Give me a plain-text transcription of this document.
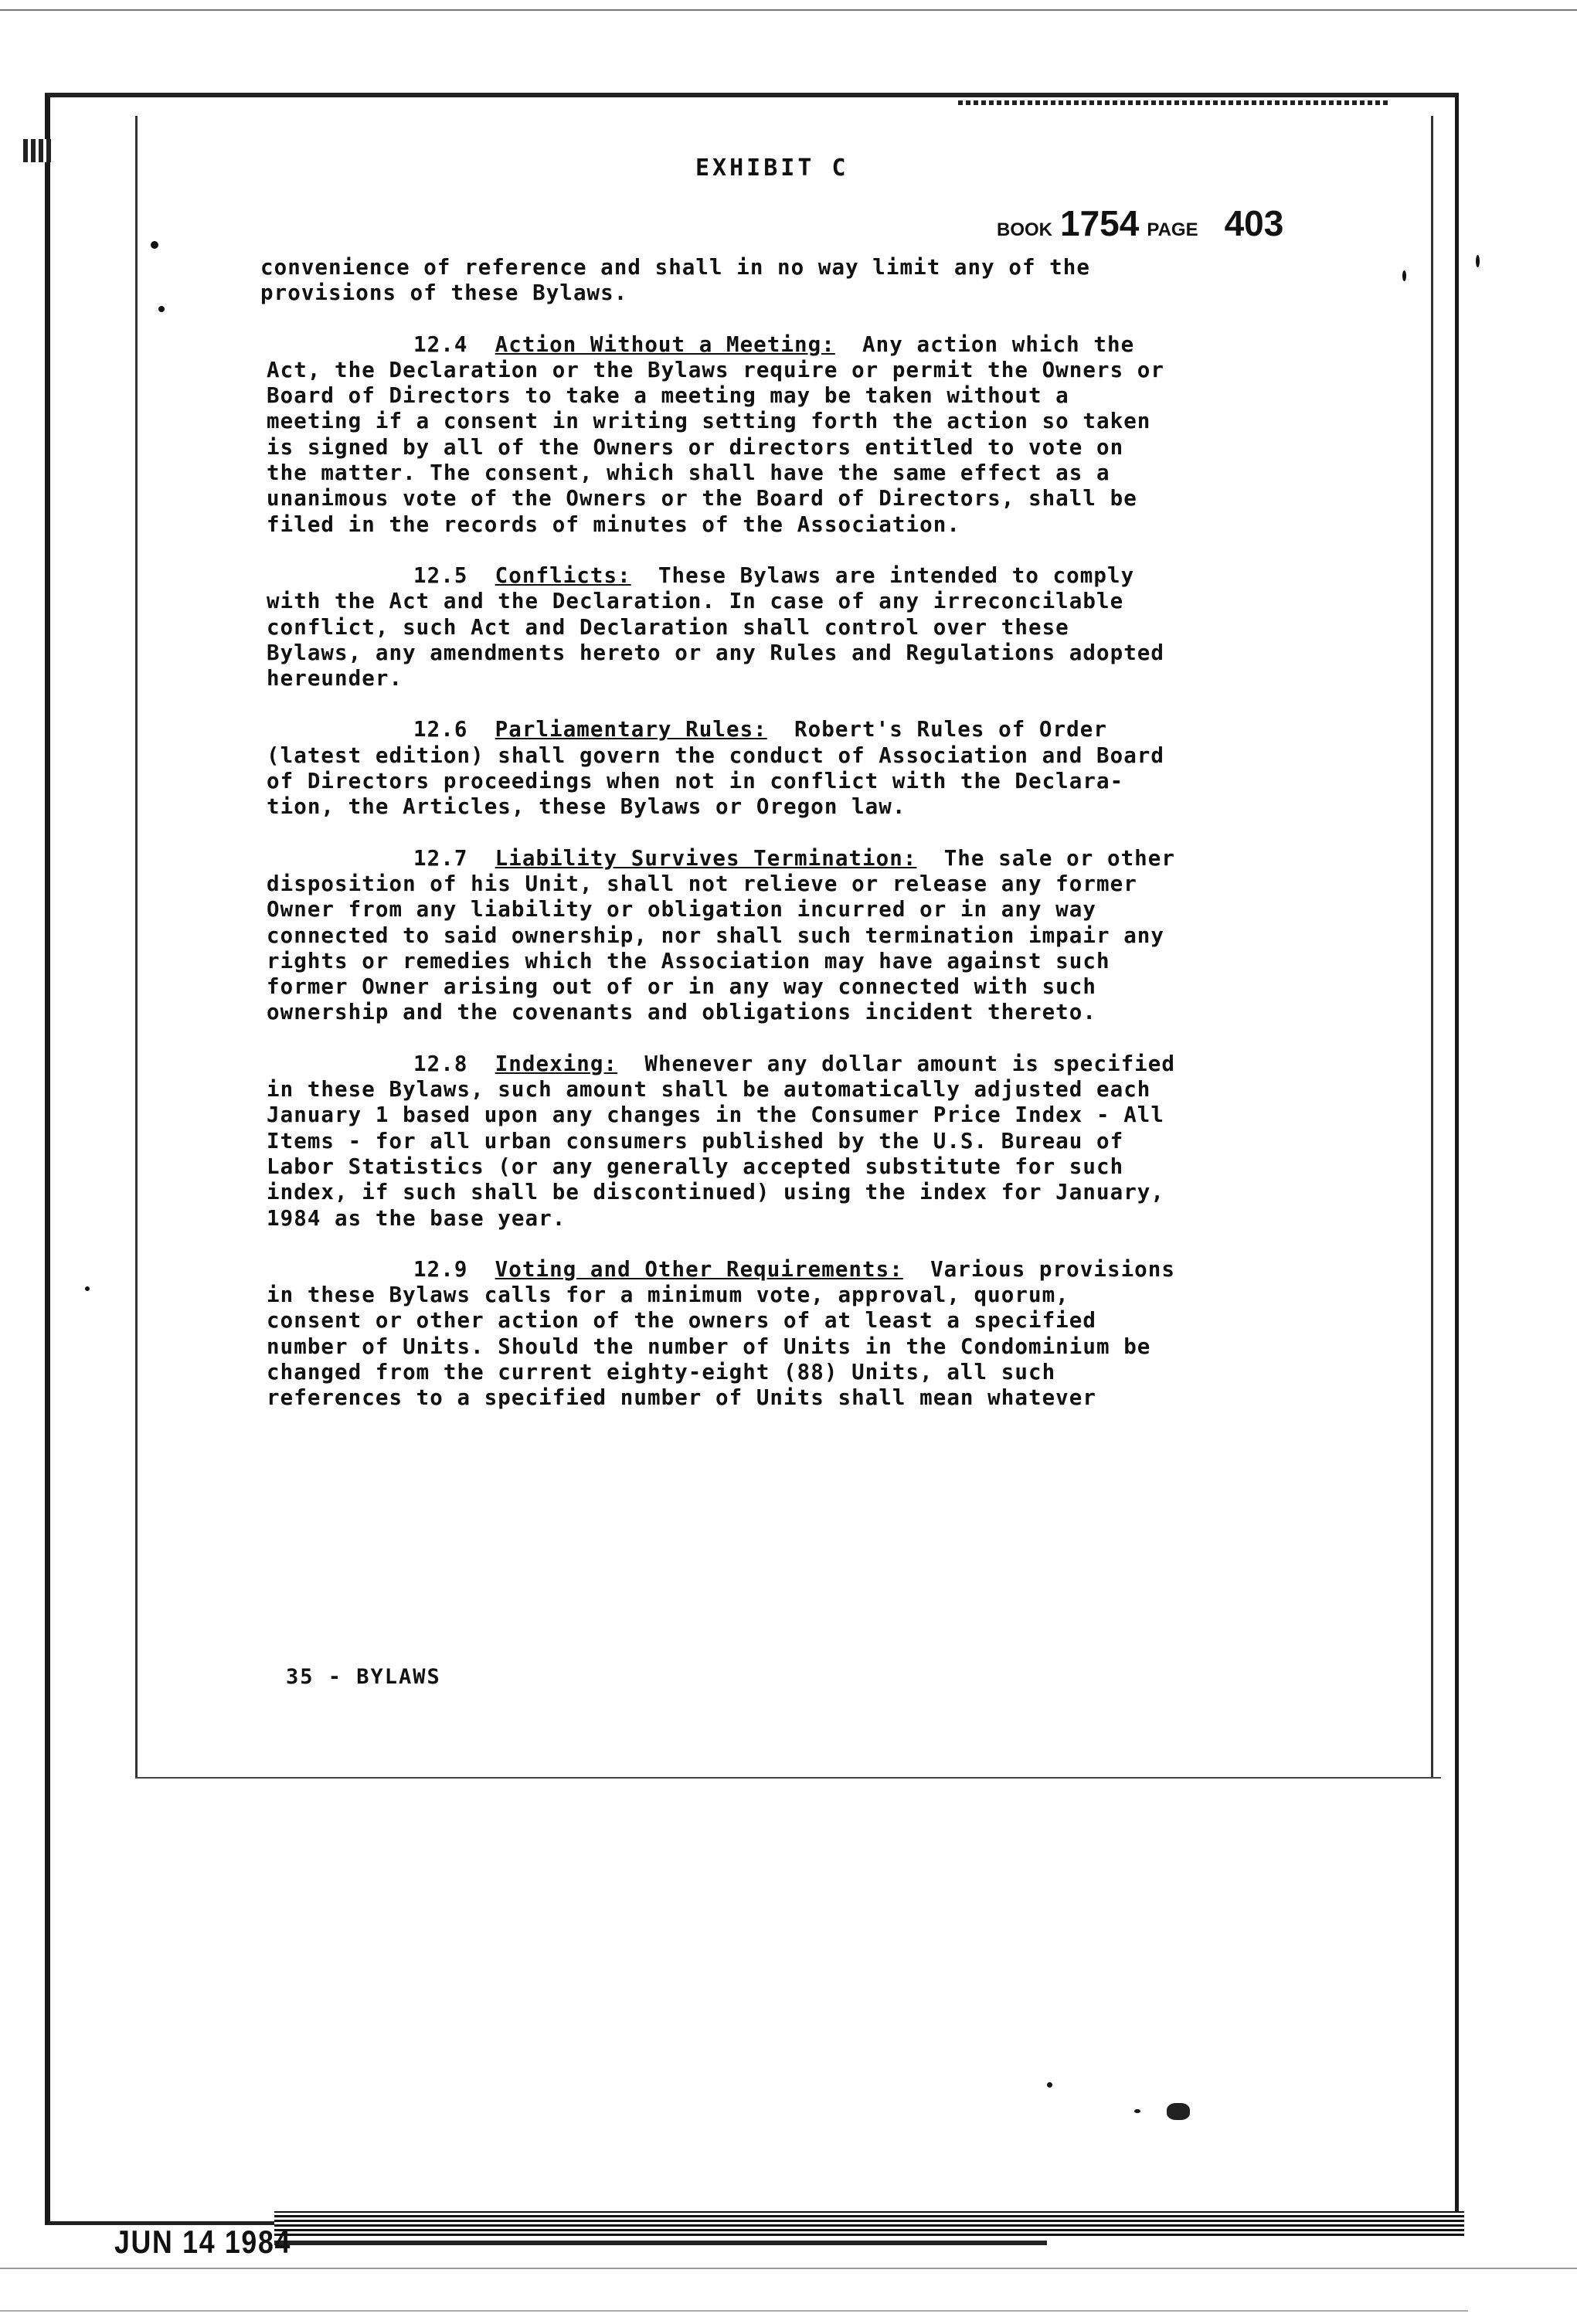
EXHIBIT C
BOOK 1754 PAGE 403

convenience of reference and shall in no way limit any of the
provisions of these Bylaws.

12.4 Action Without a Meeting: Any action which the
Act, the Declaration or the Bylaws require or permit the Owners or
Board of Directors to take a meeting may be taken without a
meeting if a consent in writing setting forth the action so taken
is signed by all of the Owners or directors entitled to vote on
the matter. The consent, which shall have the same effect as a
unanimous vote of the Owners or the Board of Directors, shall be
filed in the records of minutes of the Association.

12.5 Conflicts: These Bylaws are intended to comply
with the Act and the Declaration. In case of any irreconcilable
conflict, such Act and Declaration shall control over these
Bylaws, any amendments hereto or any Rules and Regulations adopted
hereunder.

12.6 Parliamentary Rules: Robert's Rules of Order
(latest edition) shall govern the conduct of Association and Board
of Directors proceedings when not in conflict with the Declara-
tion, the Articles, these Bylaws or Oregon law.

12.7 Liability Survives Termination: The sale or other
disposition of his Unit, shall not relieve or release any former
Owner from any liability or obligation incurred or in any way
connected to said ownership, nor shall such termination impair any
rights or remedies which the Association may have against such
former Owner arising out of or in any way connected with such
ownership and the covenants and obligations incident thereto.

12.8 Indexing: Whenever any dollar amount is specified
in these Bylaws, such amount shall be automatically adjusted each
January 1 based upon any changes in the Consumer Price Index - All
Items - for all urban consumers published by the U.S. Bureau of
Labor Statistics (or any generally accepted substitute for such
index, if such shall be discontinued) using the index for January,
1984 as the base year.

12.9 Voting and Other Requirements: Various provisions
in these Bylaws calls for a minimum vote, approval, quorum,
consent or other action of the owners of at least a specified
number of Units. Should the number of Units in the Condominium be
changed from the current eighty-eight (88) Units, all such
references to a specified number of Units shall mean whatever

35 - BYLAWS
JUN 14 1984
